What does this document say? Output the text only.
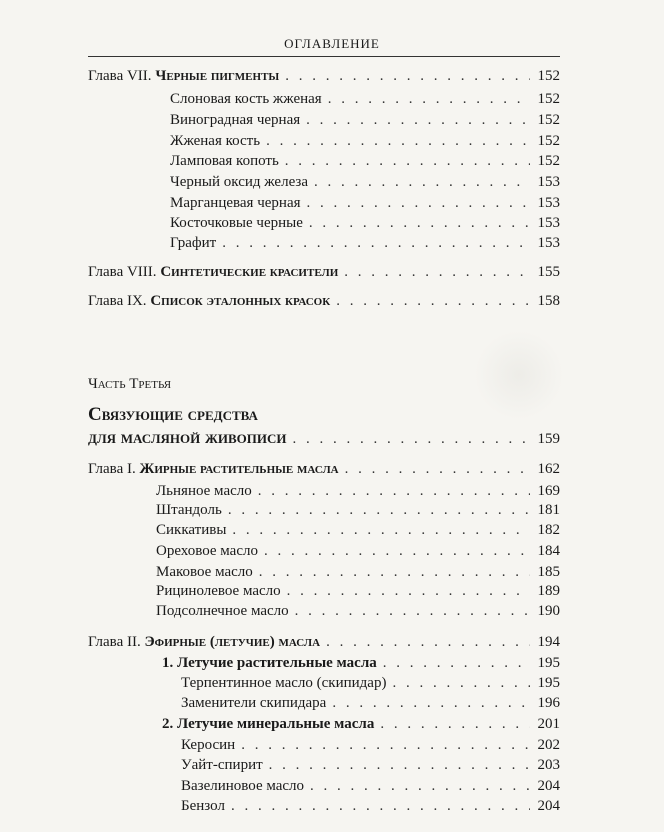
ОГЛАВЛЕНИЕ
Глава VII. Черные пигменты . . .	152
Слоновая кость жженая . . .	152
Виноградная черная . . .	152
Жженая кость . . .	152
Ламповая копоть . . .	152
Черный оксид железа . . .	153
Марганцевая черная . . .	153
Косточковые черные . . .	153
Графит . . .	153
Глава VIII. Синтетические красители . . .	155
Глава IX. Список эталонных красок . . .	158
Часть Третья
Связующие средства
для масляной живописи . . .	159
Глава I. Жирные растительные масла . . .	162
Льняное масло . . .	169
Штандоль . . .	181
Сиккативы . . .	182
Ореховое масло . . .	184
Маковое масло . . .	185
Рицинолевое масло . . .	189
Подсолнечное масло . . .	190
Глава II. Эфирные (летучие) масла . . .	194
1. Летучие растительные масла . . .	195
Терпентинное масло (скипидар) . . .	195
Заменители скипидара . . .	196
2. Летучие минеральные масла . . .	201
Керосин . . .	202
Уайт-спирит . . .	203
Вазелиновое масло . . .	204
Бензол . . .	204
